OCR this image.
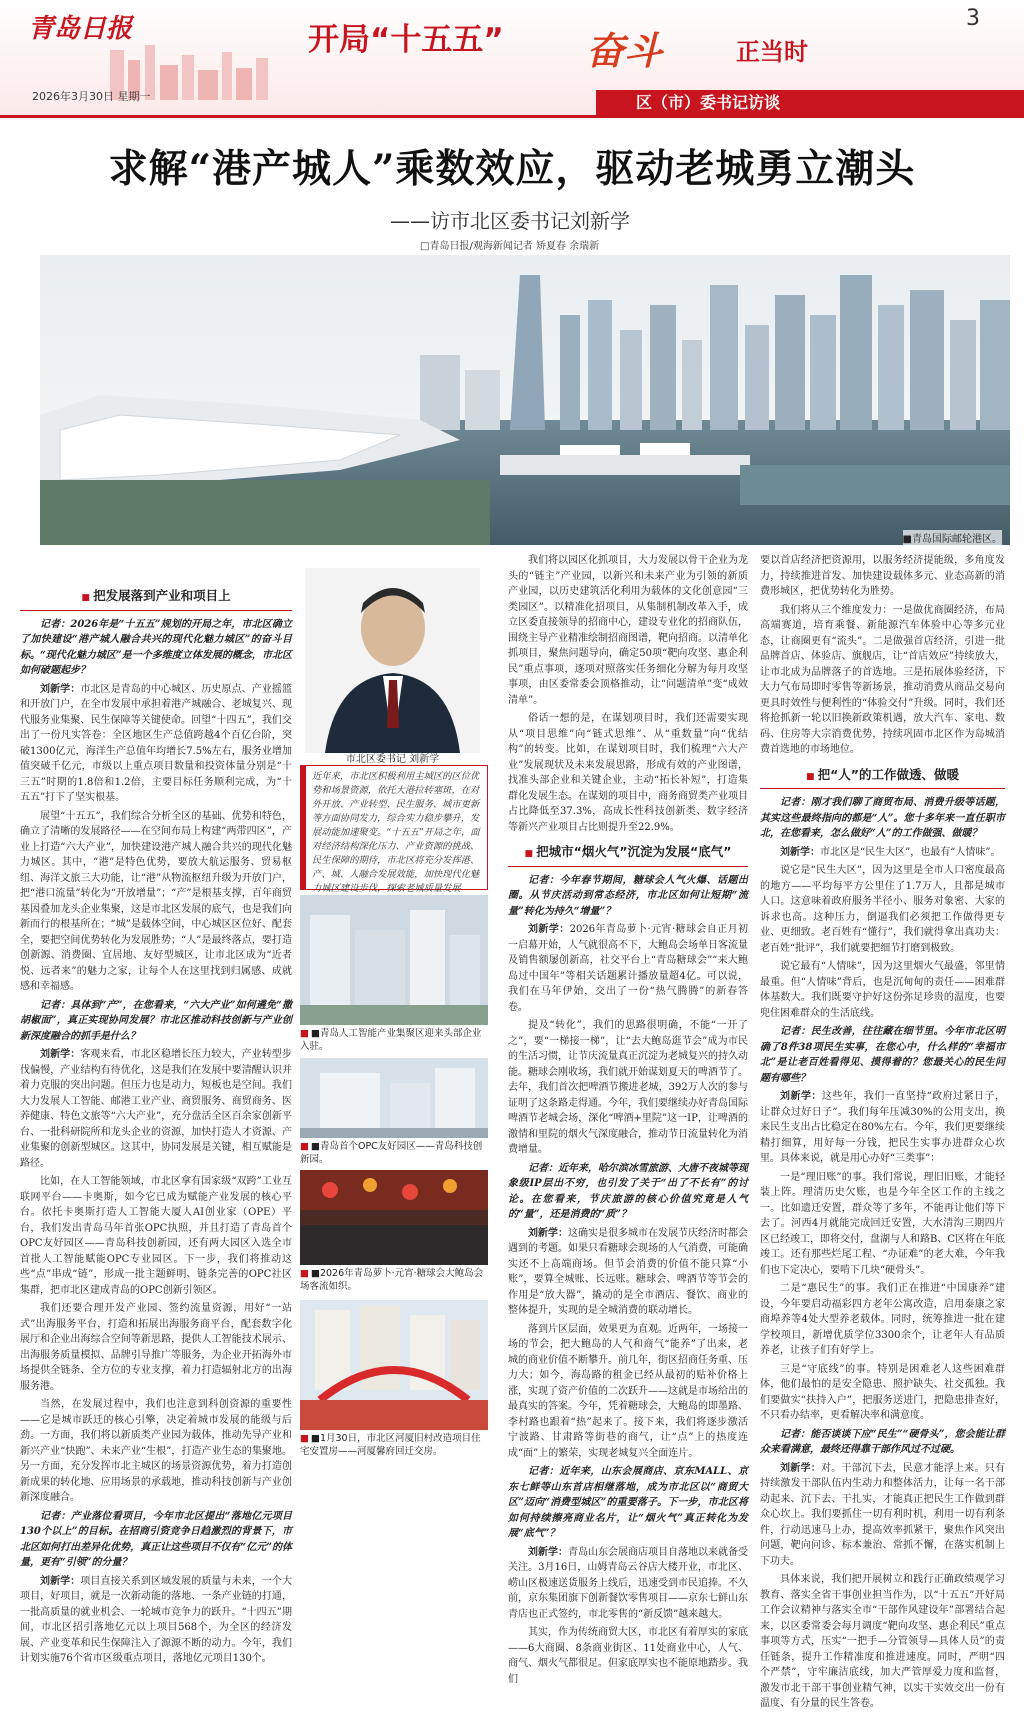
青岛日报
2026年3月30日 星期一
开局“十五五” 奋斗	正当时
3
区（市）委书记访谈
求解“港产城人”乘数效应，驱动老城勇立潮头
——访市北区委书记刘新学
□青岛日报/观海新闻记者 矫夏春 余瑞新
■青岛国际邮轮港区。
■ 把发展落到产业和项目上

记者：2026年是“十五五”规划的开局之年，市北区确立了加快建设“港产城人融合共兴的现代化魅力城区”的奋斗目标。“现代化魅力城区”是一个多维度立体发展的概念，市北区如何破题起步？

刘新学：市北区是青岛的中心城区、历史原点、产业摇篮和开放门户，在全市发展中承担着港产城融合、老城复兴、现代服务业集聚、民生保障等关键使命。回望“十四五”，我们交出了一份凡实答卷：全区地区生产总值跨越4个百亿台阶，突破1300亿元，海洋生产总值年均增长7.5%左右，服务业增加值突破千亿元，市级以上重点项目数量和投资体量分别是“十三五”时期的1.8倍和1.2倍，主要目标任务顺利完成，为“十五五”打下了坚实根基。

展望“十五五”，我们综合分析全区的基础、优势和特色，确立了清晰的发展路径——在空间布局上构建“两带四区”，产业上打造“六大产业”，加快建设港产城人融合共兴的现代化魅力城区。其中，“港”是特色优势，要放大航运服务、贸易枢纽、海洋文旅三大功能，让“港”从物流枢纽升级为开放门户，把“港口流量”转化为“开放增量”；“产”是根基支撑，百年商贸基因叠加龙头企业集聚，这是市北区发展的底气，也是我们向新而行的根基所在；“城”是载体空间，中心城区区位好、配套全，要把空间优势转化为发展胜势；“人”是最终落点，要打造创新源、消费圈、宜居地、友好型城区，让市北区成为“近者悦、远者来”的魅力之家，让每个人在这里找到归属感、成就感和幸福感。

记者：具体到“产”，在您看来，“六大产业”如何遴免“撒胡椒面”，真正实现协同发展？市北区推动科技创新与产业创新深度融合的抓手是什么？

刘新学：客观来看，市北区稳增长压力较大，产业转型步伐偏慢，产业结构有待优化，这是我们在发展中要清醒认识并着力克服的突出问题。但压力也是动力，短板也是空间。我们大力发展人工智能、邮港工业产业、商贸服务、商贸商务、医养健康、特色文旅等“六大产业”，充分盘活全区百余家创新平台、一批科研院所和龙头企业的资源，加快打造人才资源、产业集聚的创新型城区。这其中，协同发展是关键，相互赋能是路径。

比如，在人工智能领域，市北区拿有国家级“双跨”工业互联网平台——卡奥斯，如今它已成为赋能产业发展的核心平台。依托卡奥斯打造人工智能大厦人AI创业家（OPE）平台，我们发出青岛马年首张OPC执照，并且打造了青岛首个OPC友好园区——青岛科技创新园，还有两大园区入选全市首批人工智能赋能OPC专业园区。下一步，我们将推动这些“点”串成“链”，形成一批主题鲜明、链条完善的OPC社区集群，把市北区建成青岛的OPC创新引领区。

我们还要合理开发产业园、签约流量资源，用好“一站式”出海服务平台，打造和拓展出海服务商平台，配套数字化展厅和企业出海综合空间等新思路，提供人工智能技术展示、出海服务质量模拟、品牌引导推广等服务，为企业开拓海外市场提供全链条、全方位的专业支撑，着力打造辐射北方的出海服务港。

当然，在发展过程中，我们也注意到科创资源的重要性——它是城市跃迁的核心引擎，决定着城市发展的能级与后劲。一方面，我们将以新质类产业园为载体，推动先导产业和新兴产业“快跑”、未来产业“生根”，打造产业生态的集聚地。另一方面，充分发挥市北主城区的场景资源优势，着力打造创新成果的转化地、应用场景的承载地，推动科技创新与产业创新深度融合。

记者：产业落位看项目，今年市北区提出“落地亿元项目130个以上”的目标。在招商引资竞争日趋激烈的背景下，市北区如何打出差异化优势，真正让这些项目不仅有“亿元”的体量，更有“引领”的分量？

刘新学：项目直接关系到区域发展的质量与未来，一个大项目，好项目，就是一次新动能的落地、一条产业链的打通，一批高质量的就业机会、一轮城市竞争力的跃升。“十四五”期间，市北区招引落地亿元以上项目568个，为全区的经济发展、产业变革和民生保障注入了源源不断的动力。今年，我们计划实施76个省市区级重点项目，落地亿元项目130个。

市北区委书记 刘新学
近年来，市北区积极利用主城区的区位优势和场景资源，依托大港拉转塞斑，在对外开放、产业转型、民生服务、城市更新等方面协同发力，综合实力稳步攀升，发展动能加速聚变。“十五五”开局之年，面对经济结构深化压力、产业资源的挑战、民生保障的期待，市北区将充分发挥港、产、城、人融合发展效能，加快现代化魅力城区建设步伐，探索老城质量发展
■ ■青岛人工智能产业集聚区迎来头部企业入驻。
■ ■青岛首个OPC友好园区——青岛科技创新园。
■ ■2026年青岛萝卜·元宵·糖球会大鲍岛会场客流如织。
■ ■1月30日，市北区河厦旧村改造项目住宅安置房——河厦馨府回迁交房。

我们将以园区化抓项目，大力发展以骨干企业为龙头的“链主”产业园，以新兴和未来产业为引领的新质产业园，以历史建筑活化利用为载体的文化创意园“三类园区”。以精准化招项目，从集制机制改革入手，成立区委直接领导的招商中心，建设专业化的招商队伍，围绕主导产业精准绘制招商图谱，靶向招商。以清单化抓项目，聚焦问题导向，确定50项“靶向攻坚、惠企利民”重点事项，逐项对照落实任务细化分解为每月攻坚事项，由区委常委会顶格推动，让“问题清单”变“成效清单”。

俗话一想的是，在谋划项目时，我们还需要实现从“项目思维”向“链式思维”、从“重数量”向“优结构”的转变。比如，在谋划项目时，我们梳理“六大产业”发展现状及未来发展思路，形成有效的产业图谱，找准头部企业和关键企业，主动“拓长补短”，打造集群化发展生态。在谋划的项目中，商务商贸类产业项目占比降低至37.3%，高成长性科技创新类、数字经济等新兴产业项目占比则提升至22.9%。

■ 把城市“烟火气”沉淀为发展“底气”

记者：今年春节期间，糖球会人气火爆、话题出圈。从节庆活动到常态经济，市北区如何让短期“流量”转化为持久“增量”？

刘新学：2026年青岛萝卜·元宵·糖球会自正月初一启幕开始，人气就很高不下，大鲍岛会场单日客流量及销售额屡创新高，社交平台上“青岛糖球会”“来大鲍岛过中国年”等相关话题累计播放量超4亿。可以说，我们在马年伊始，交出了一份“热气腾腾”的新春答卷。

提及“转化”，我们的思路很明确，不能“一开了之”，要“一梯接一梯”，让“去大鲍岛逛节会”成为市民的生活习惯，让节庆流量真正沉淀为老城复兴的持久动能。糖球会刚收场，我们就开始谋划夏天的啤酒节了。去年，我们首次把啤酒节搬进老城，392万人次的参与证明了这条路走得通。今年，我们要继续办好青岛国际啤酒节老城会场，深化“啤酒+里院”这一IP，让啤酒的激情和里院的烟火气深度融合，推动节日流量转化为消费增量。

记者：近年来，哈尔滨冰雪旅游、大唐不夜城等现象级IP层出不穷，也引发了关于“出了不长有”的讨论。在您看来，节庆旅游的核心价值究竟是人气的“量”，还是消费的“质”？

刘新学：这确实是很多城市在发展节庆经济时都会遇到的考题。如果只看糖球会现场的人气消费，可能确实还不上高端商场。但节会消费的价值不能只算“小账”，要算全城账、长远账。糖球会、啤酒节等节会的作用是“放大器”，撬动的是全市酒店、餐饮、商业的整体提升，实现的是全城消费的联动增长。

落到片区层面，效果更为直观。近两年，一场接一场的节会，把大鲍岛的人气和商气“能养”了出来，老城的商业价值不断攀升。前几年，街区招商任务重、压力大；如今，海岛路的租金已经从最初的贴补价格上涨，实现了资产价值的二次跃升——这就是市场给出的最真实的答案。今年，凭着糖球会，大鲍岛的即墨路、李村路也跟着“热”起来了。接下来，我们将逐步激活宁波路、甘肃路等街巷的商气，让“点”上的热度连成“面”上的繁荣，实现老城复兴全面连片。

记者：近年来，山东会展商店、京东MALL、京东七鲜等山东首店相继落地，成为市北区以“商贸大区”迈向“消费型城区”的重要落子。下一步，市北区将如何持续擦亮商业名片，让“烟火气”真正转化为发展“底气”？

刘新学：青岛山东会展商店项目自落地以来就备受关注。3月16日，山姆青岛云谷店大楼开业，市北区、崂山区极速送货服务上线后，迅速受到市民追捧。不久前，京东集团旗下创新餐饮零售项目——京东七鲜山东青店也正式签约，市北零售的“新反馈”越来越大。

其实，作为传统商贸大区，市北区有着厚实的家底——6大商圈、8条商业街区、11处商业中心，人气、商气、烟火气都很足。但家底厚实也不能原地踏步。我们

要以首店经济把资源用，以服务经济提能级，多角度发力，持续推进首发、加快建设载体多元、业态高新的消费形城区，把优势转化为胜势。

我们将从三个维度发力：一是做优商圈经济，布局高端赛道，培育乘餐、新能源汽车体验中心等多元业态，让商圈更有“流头”。二是做强首店经济，引进一批品牌首店、体验店、旗舰店，让“首店效应”持续放大，让市北成为品牌落子的首选地。三是拓展体验经济，下大力气布局即时零售等新场景，推动消费从商品交易向更具时效性与便利性的“体验交付”升级。同时，我们还将抢抓新一轮以旧换新政策机遇，放大汽车、家电、数码、住房等大宗消费优势，持续巩固市北区作为岛城消费首选地的市场地位。

■ 把“人”的工作做透、做暖

记者：刚才我们聊了商贸布局、消费升级等话题，其实这些最终指向的都是“人”。您十多年来一直任职市北，在您看来，怎么做好“人”的工作做强、做暖？

刘新学：市北区是“民生大区”，也最有“人情味”。

说它是“民生大区”，因为这里是全市人口密度最高的地方——平均每平方公里住了1.7万人，且都是城市人口。这意味着政府服务半径小、服务对象密、大家的诉求也高。这种压力，倒逼我们必须把工作做得更专业、更细致。老百姓有“懂行”，我们就得拿出真功夫：老百姓“批评”，我们就要把细节打磨到极致。

说它最有“人情味”，因为这里烟火气最盛，邻里情最重。但“人情味”背后，也是沉甸甸的责任——困难群体基数大。我们既要守护好这份弥足珍贵的温度，也要兜住困难群众的生活底线。

记者：民生改善，往往藏在细节里。今年市北区明确了8件38项民生实事，在您心中，什么样的“幸福市北”是让老百姓看得见、摸得着的？您最关心的民生问题有哪些？

刘新学：这些年，我们一直坚持“政府过紧日子，让群众过好日子”。我们每年压减30%的公用支出，换来民生支出占比稳定在80%左右。今年，我们更要继续精打细算，用好每一分钱，把民生实事办进群众心坎里。具体来说，就是用心办好“三类事”：

一是“理旧账”的事。我们常说，理旧旧账，才能轻装上阵。理清历史欠账，也是今年全区工作的主线之一。比如遗迁安置，群众等了多年，不能再让他们等下去了。河西4月就能完成回迁安置，大水清沟三期四片区已经竣工，即将交付，盘湖与人和路B、C区将在年底竣工。还有那些烂尾工程、“办证难”的老大难，今年我们也下定决心，要啃下几块“硬骨头”。

二是“惠民生”的事。我们正在推进“中国康养”建设，今年要启动福彩四方老年公寓改造，启用泰康之家商埠养等4处大型养老载体。同时，统筹推进一批在建学校项目，新增优质学位3300余个，让老年人有品质养老，让孩子们有好学上。

三是“守底线”的事。特别是困难老人这些困难群体，他们最怕的是安全隐患、照护缺失、社交孤独。我们要做实“扶持入户”，把服务送进门，把隐患排查好，不只看办结率，更看解决率和满意度。

记者：能否谈谈下应“民生”“硬骨头”，您会能让群众来看满意，最终还得靠干部作风过不过硬。

刘新学：对。干部沉下去，民意才能浮上来。只有持续激发干部队伍内生动力和整体活力，让每一名干部动起来、沉下去、干扎实，才能真正把民生工作做到群众心坎上。我们要抓住一切有利时机，利用一切有利条件，行动迅速马上办，提高效率抓紧干，聚焦作风突出问题，靶向问诊、标本兼治、常抓不懈，在落实机制上下功夫。

具体来说，我们把开展树立和践行正确政绩观学习教育、落实全省干事创业担当作为，以“十五五”开好局工作会议精神与落实全市“干部作风建设年”部署结合起来，以区委常委会每月调度“靶向攻坚、惠企利民”重点事项等方式，压实“一把手—分管领导—具体人员”的责任链条，提升工作精准度和推进速度。同时，严明“四个严禁”，守牢廉洁底线，加大严管厚爱力度和监督，激发市北干部干事创业精气神，以实干实效交出一份有温度、有分量的民生答卷。
